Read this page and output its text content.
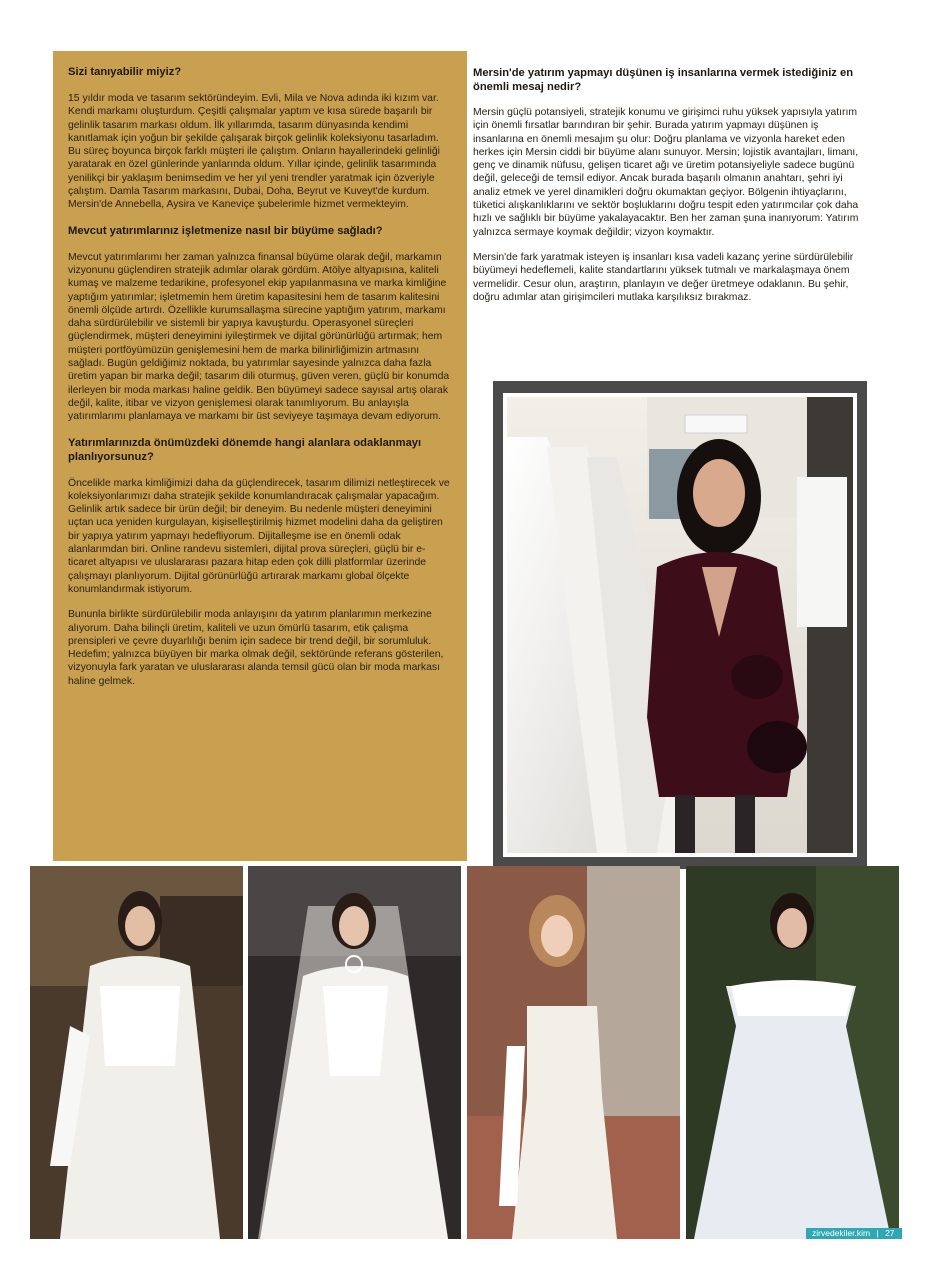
Sizi tanıyabilir miyiz?
15 yıldır moda ve tasarım sektöründeyim. Evli, Mila ve Nova adında iki kızım var. Kendi markamı oluşturdum. Çeşitli çalışmalar yaptım ve kısa sürede başarılı bir gelinlik tasarım markası oldum. İlk yıllarımda, tasarım dünyasında kendimi kanıtlamak için yoğun bir şekilde çalışarak birçok gelinlik koleksiyonu tasarladım. Bu süreç boyunca birçok farklı müşteri ile çalıştım. Onların hayallerindeki gelinliği yaratarak en özel günlerinde yanlarında oldum. Yıllar içinde, gelinlik tasarımında yenilikçi bir yaklaşım benimsedim ve her yıl yeni trendler yaratmak için özveriyle çalıştım. Damla Tasarım markasını, Dubai, Doha, Beyrut ve Kuveyt'de kurdum. Mersin'de Annebella, Aysira ve Kaneviçe şubelerimle hizmet vermekteyim.
Mevcut yatırımlarınız işletmenize nasıl bir büyüme sağladı?
Mevcut yatırımlarımı her zaman yalnızca finansal büyüme olarak değil, markamın vizyonunu güçlendiren stratejik adımlar olarak gördüm. Atölye altyapısına, kaliteli kumaş ve malzeme tedarikine, profesyonel ekip yapılanmasına ve marka kimliğine yaptığım yatırımlar; işletmemin hem üretim kapasitesini hem de tasarım kalitesini önemli ölçüde artırdı. Özellikle kurumsallaşma sürecine yaptığım yatırım, markamı daha sürdürülebilir ve sistemli bir yapıya kavuşturdu. Operasyonel süreçleri güçlendirmek, müşteri deneyimini iyileştirmek ve dijital görünürlüğü artırmak; hem müşteri portföyümüzün genişlemesini hem de marka bilinirliğimizin artmasını sağladı. Bugün geldiğimiz noktada, bu yatırımlar sayesinde yalnızca daha fazla üretim yapan bir marka değil; tasarım dili oturmuş, güven veren, güçlü bir konumda ilerleyen bir moda markası haline geldik. Ben büyümeyi sadece sayısal artış olarak değil, kalite, itibar ve vizyon genişlemesi olarak tanımlıyorum. Bu anlayışla yatırımlarımı planlamaya ve markamı bir üst seviyeye taşımaya devam ediyorum.
Yatırımlarınızda önümüzdeki dönemde hangi alanlara odaklanmayı planlıyorsunuz?
Öncelikle marka kimliğimizi daha da güçlendirecek, tasarım dilimizi netleştirecek ve koleksiyonlarımızı daha stratejik şekilde konumlandıracak çalışmalar yapacağım. Gelinlik artık sadece bir ürün değil; bir deneyim. Bu nedenle müşteri deneyimini uçtan uca yeniden kurgulayan, kişiselleştirilmiş hizmet modelini daha da geliştiren bir yapıya yatırım yapmayı hedefliyorum. Dijitalleşme ise en önemli odak alanlarımdan biri. Online randevu sistemleri, dijital prova süreçleri, güçlü bir e-ticaret altyapısı ve uluslararası pazara hitap eden çok dilli platformlar üzerinde çalışmayı planlıyorum. Dijital görünürlüğü artırarak markamı global ölçekte konumlandırmak istiyorum.
Bununla birlikte sürdürülebilir moda anlayışını da yatırım planlarımın merkezine alıyorum. Daha bilinçli üretim, kaliteli ve uzun ömürlü tasarım, etik çalışma prensipleri ve çevre duyarlılığı benim için sadece bir trend değil, bir sorumluluk. Hedefim; yalnızca büyüyen bir marka olmak değil, sektöründe referans gösterilen, vizyonuyla fark yaratan ve uluslararası alanda temsil gücü olan bir moda markası haline gelmek.
Mersin'de yatırım yapmayı düşünen iş insanlarına vermek istediğiniz en önemli mesaj nedir?
Mersin güçlü potansiyeli, stratejik konumu ve girişimci ruhu yüksek yapısıyla yatırım için önemli fırsatlar barındıran bir şehir. Burada yatırım yapmayı düşünen iş insanlarına en önemli mesajım şu olur: Doğru planlama ve vizyonla hareket eden herkes için Mersin ciddi bir büyüme alanı sunuyor. Mersin; lojistik avantajları, limanı, genç ve dinamik nüfusu, gelişen ticaret ağı ve üretim potansiyeliyle sadece bugünü değil, geleceği de temsil ediyor. Ancak burada başarılı olmanın anahtarı, şehri iyi analiz etmek ve yerel dinamikleri doğru okumaktan geçiyor. Bölgenin ihtiyaçlarını, tüketici alışkanlıklarını ve sektör boşluklarını doğru tespit eden yatırımcılar çok daha hızlı ve sağlıklı bir büyüme yakalayacaktır. Ben her zaman şuna inanıyorum: Yatırım yalnızca sermaye koymak değildir; vizyon koymaktır.
Mersin'de fark yaratmak isteyen iş insanları kısa vadeli kazanç yerine sürdürülebilir büyümeyi hedeflemeli, kalite standartlarını yüksek tutmalı ve markalaşmaya önem vermelidir. Cesur olun, araştırın, planlayın ve değer üretmeye odaklanın. Bu şehir, doğru adımlar atan girişimcileri mutlaka karşılıksız bırakmaz.
zirvedekiler.kim | 27
